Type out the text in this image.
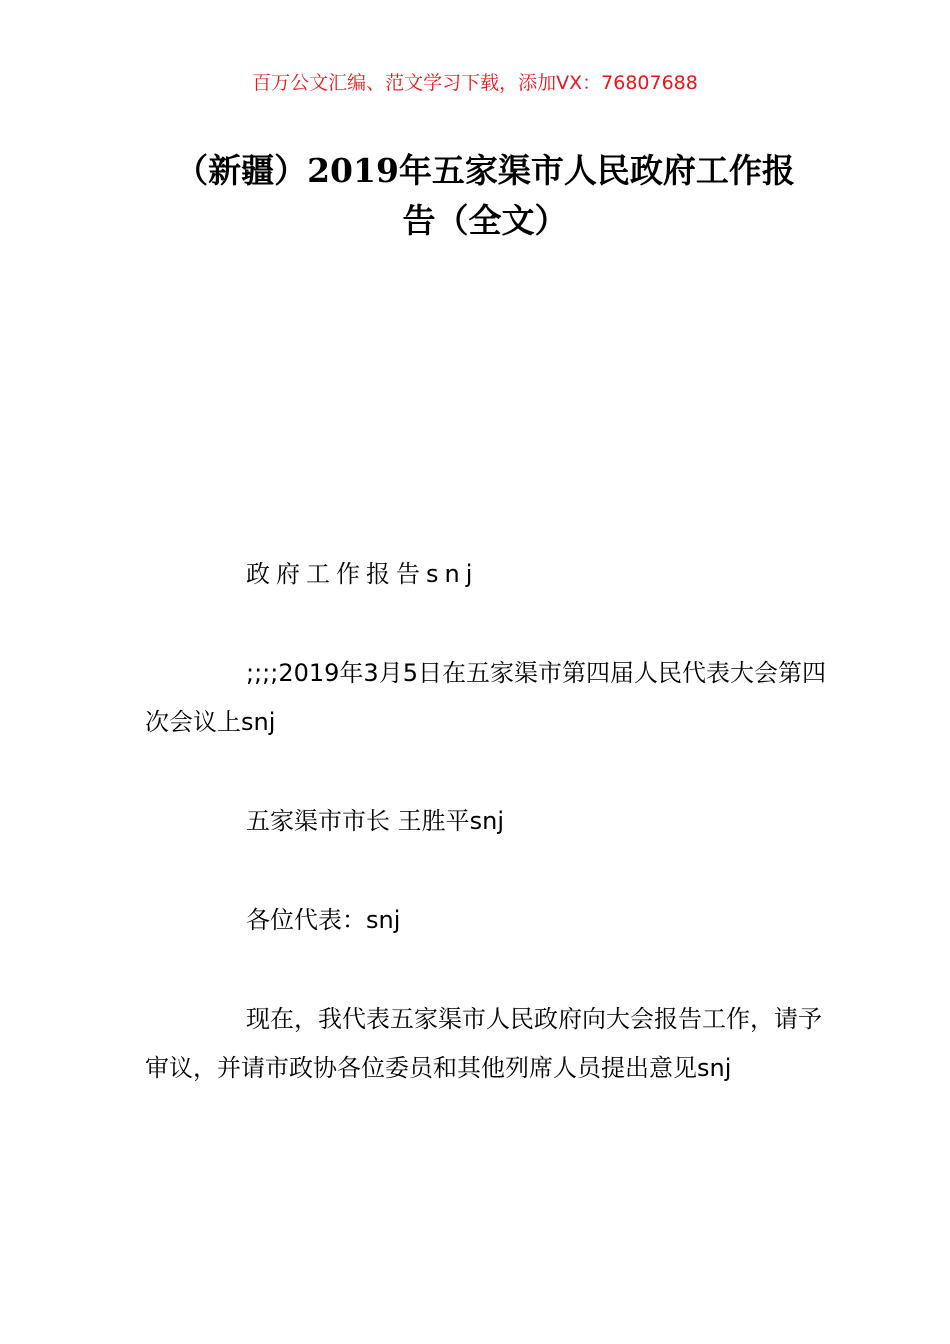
百万公文汇编、范文学习下载，添加VX：76807688
（新疆）2019年五家渠市人民政府工作报
告（全文）

政府工作报告snj

;;;;2019年3月5日在五家渠市第四届人民代表大会第四次会议上snj

五家渠市市长 王胜平snj

各位代表：snj

现在，我代表五家渠市人民政府向大会报告工作，请予审议，并请市政协各位委员和其他列席人员提出意见snj
